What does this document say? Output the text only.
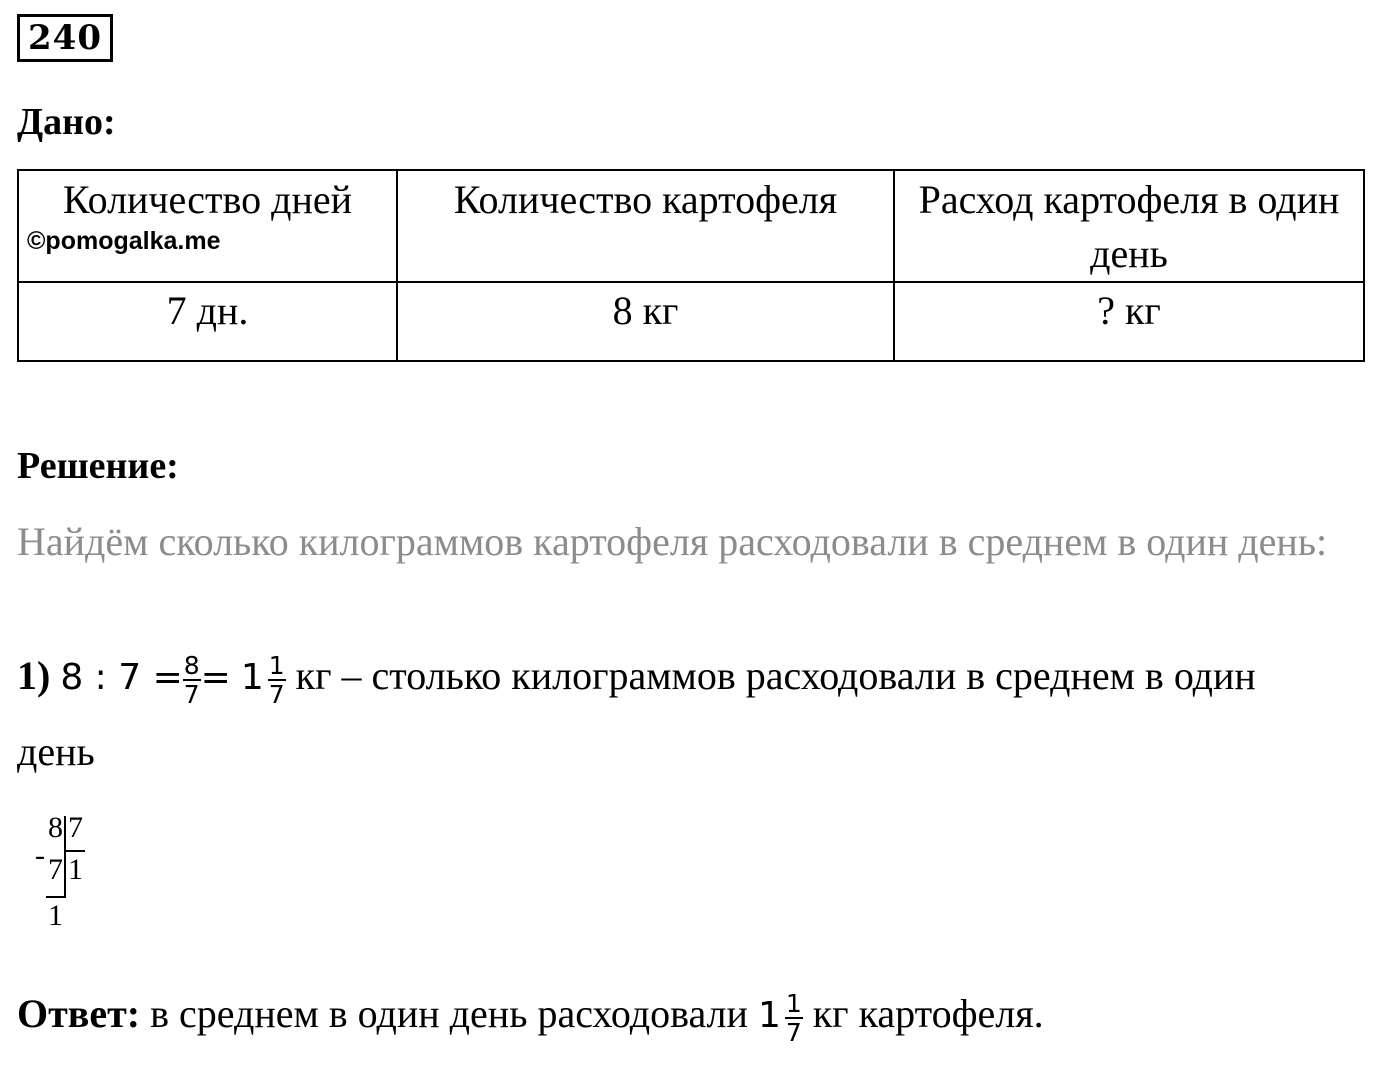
240
Дано:
Количество дней	Количество картофеля	Расход картофеля в один день
7 дн.	8 кг	? кг
©pomogalka.me
Решение:
Найдём сколько килограммов картофеля расходовали в среднем в один день:
1) 8 : $7 = \frac{8}{7} = 1 \frac{1}{7}$ кг – столько килограммов расходовали в среднем в один
день
8 7
- 7 1
1
Ответ: в среднем в один день расходовали $1 \frac{1}{7}$ кг картофеля.
